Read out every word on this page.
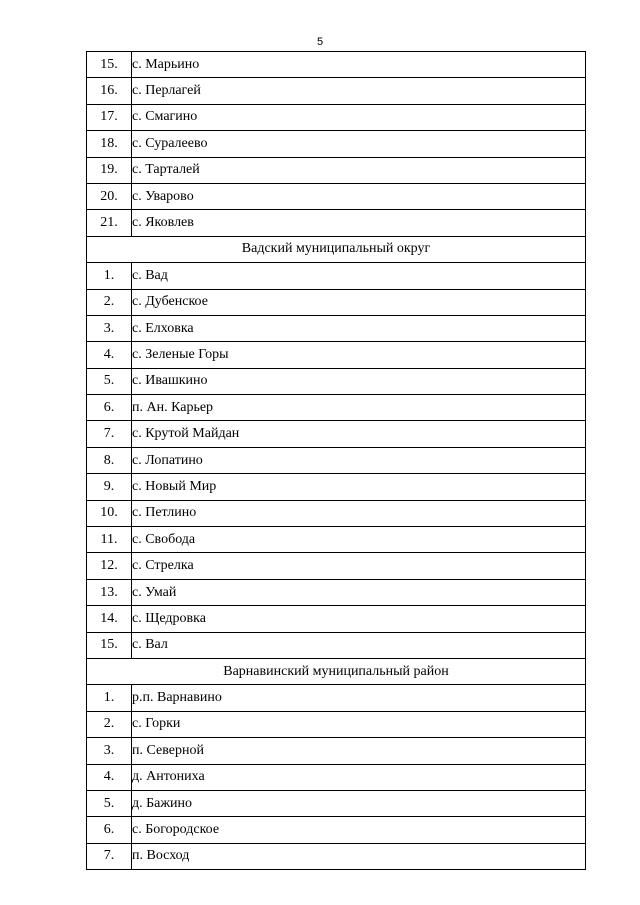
5
15.	с. Марьино
16.	с. Перлагей
17.	с. Смагино
18.	с. Суралеево
19.	с. Тарталей
20.	с. Уварово
21.	с. Яковлев
Вадский муниципальный округ	
1.	с. Вад
2.	с. Дубенское
3.	с. Елховка
4.	с. Зеленые Горы
5.	с. Ивашкино
6.	п. Ан. Карьер
7.	с. Крутой Майдан
8.	с. Лопатино
9.	с. Новый Мир
10.	с. Петлино
11.	с. Свобода
12.	с. Стрелка
13.	с. Умай
14.	с. Щедровка
15.	с. Вал
Варнавинский муниципальный район	
1.	р.п. Варнавино
2.	с. Горки
3.	п. Северной
4.	д. Антониха
5.	д. Бажино
6.	с. Богородское
7.	п. Восход
